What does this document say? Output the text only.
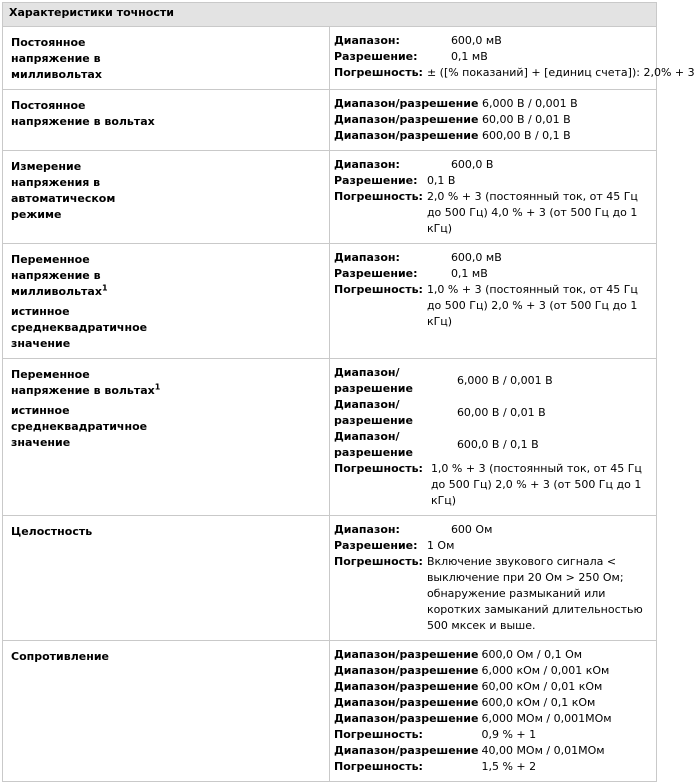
Характеристики точности

Постоянное
напряжение в
милливольтах

Диапазон:	600,0 мВ
Разрешение:	0,1 мВ
Погрешность:	± ([% показаний] + [единиц счета]): 2,0% + 3

Постоянное
напряжение в вольтах

Диапазон/разрешение 6,000 В / 0,001 В
Диапазон/разрешение 60,00 В / 0,01 В
Диапазон/разрешение 600,00 В / 0,1 В

Измерение
напряжения в
автоматическом
режиме

Диапазон:	600,0 В
Разрешение:	0,1 В
Погрешность:	2,0 % + 3 (постоянный ток, от 45 Гц до 500 Гц) 4,0 % + 3 (от 500 Гц до 1 кГц)

Переменное
напряжение в
милливольтах$^1$
истинное
среднеквадратичное
значение

Диапазон:	600,0 мВ
Разрешение:	0,1 мВ
Погрешность:	1,0 % + 3 (постоянный ток, от 45 Гц до 500 Гц) 2,0 % + 3 (от 500 Гц до 1 кГц)

Переменное
напряжение в вольтах$^1$
истинное
среднеквадратичное
значение

Диапазон/
разрешение
	6,000 В / 0,001 В

Диапазон/
разрешение
	60,00 В / 0,01 В

Диапазон/
разрешение
	600,0 В / 0,1 В
Погрешность:	1,0 % + 3 (постоянный ток, от 45 Гц до 500 Гц) 2,0 % + 3 (от 500 Гц до 1 кГц)

Целостность
		Диапазон:	600 Ом
Разрешение:	1 Ом
Погрешность:	Включение звукового сигнала < выключение при 20 Ом > 250 Ом; обнаружение размыканий или коротких замыканий длительностью 500 мксек и выше.

Сопротивление
		Диапазон/разрешение	600,0 Ом / 0,1 Ом
Диапазон/разрешение	6,000 кОм / 0,001 кОм
Диапазон/разрешение	60,00 кОм / 0,01 кОм
Диапазон/разрешение	600,0 кОм / 0,1 кОм
Диапазон/разрешение	6,000 МОм / 0,001МОм
Погрешность:	0,9 % + 1
Диапазон/разрешение	40,00 МОм / 0,01МОм
Погрешность:	1,5 % + 2
